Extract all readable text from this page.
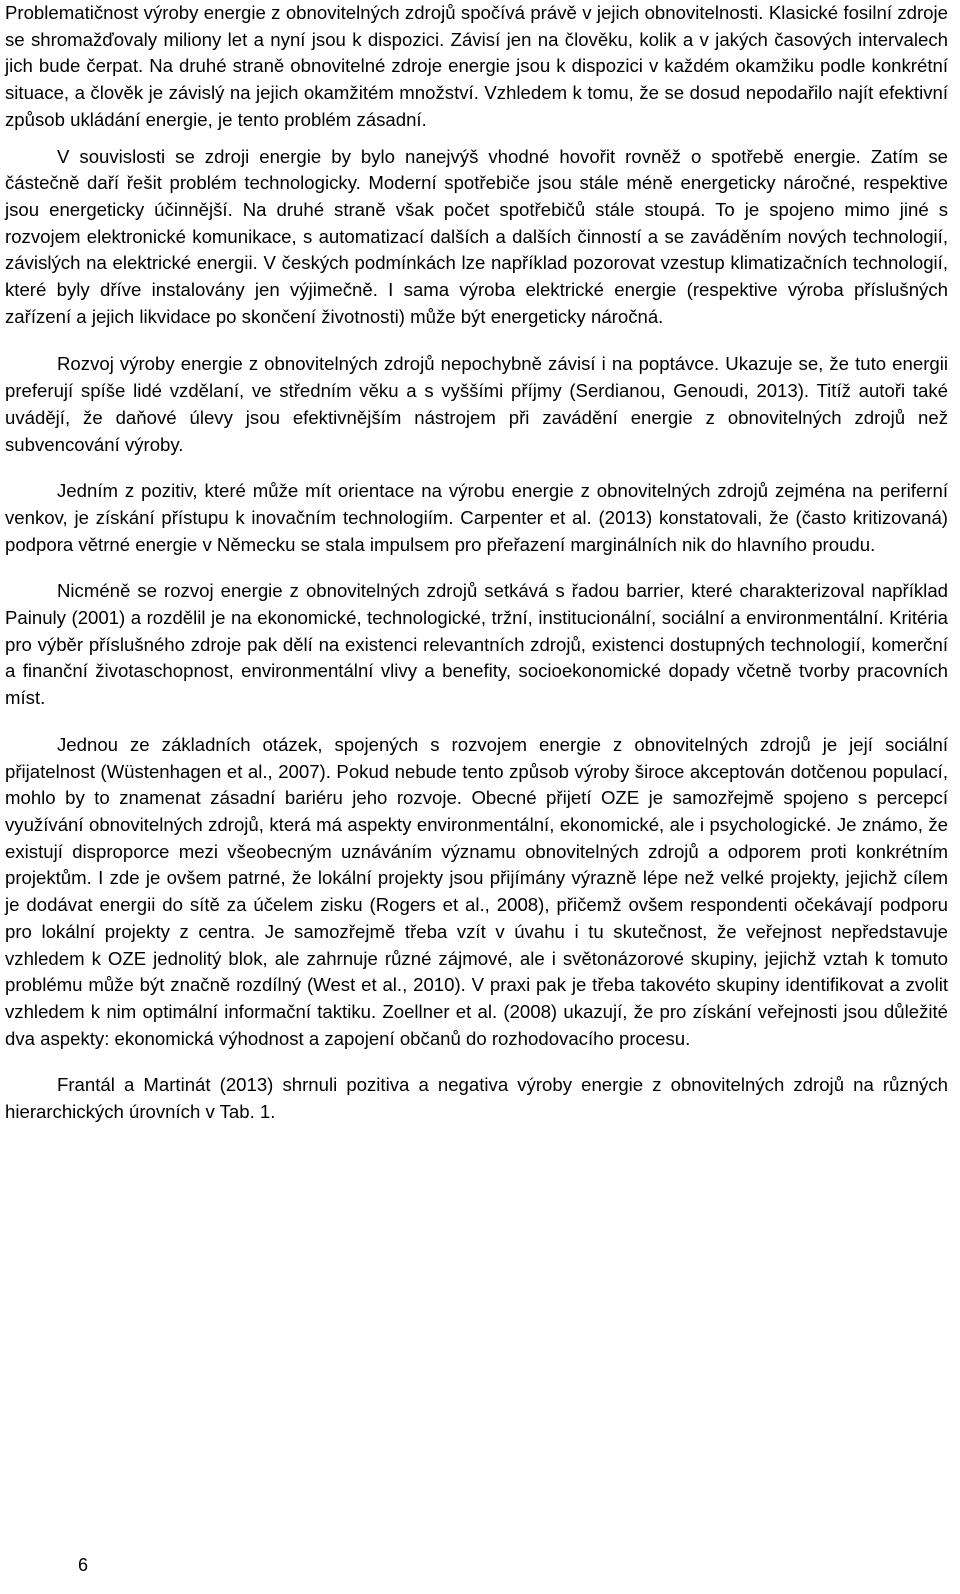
Problematičnost výroby energie z obnovitelných zdrojů spočívá právě v jejich obnovitelnosti. Klasické fosilní zdroje se shromažďovaly miliony let a nyní jsou k dispozici. Závisí jen na člověku, kolik a v jakých časových intervalech jich bude čerpat. Na druhé straně obnovitelné zdroje energie jsou k dispozici v každém okamžiku podle konkrétní situace, a člověk je závislý na jejich okamžitém množství. Vzhledem k tomu, že se dosud nepodařilo najít efektivní způsob ukládání energie, je tento problém zásadní.

V souvislosti se zdroji energie by bylo nanejvýš vhodné hovořit rovněž o spotřebě energie. Zatím se částečně daří řešit problém technologicky. Moderní spotřebiče jsou stále méně energeticky náročné, respektive jsou energeticky účinnější. Na druhé straně však počet spotřebičů stále stoupá. To je spojeno mimo jiné s rozvojem elektronické komunikace, s automatizací dalších a dalších činností a se zaváděním nových technologií, závislých na elektrické energii. V českých podmínkách lze například pozorovat vzestup klimatizačních technologií, které byly dříve instalovány jen výjimečně. I sama výroba elektrické energie (respektive výroba příslušných zařízení a jejich likvidace po skončení životnosti) může být energeticky náročná.

Rozvoj výroby energie z obnovitelných zdrojů nepochybně závisí i na poptávce. Ukazuje se, že tuto energii preferují spíše lidé vzdělaní, ve středním věku a s vyššími příjmy (Serdianou, Genoudi, 2013). Titíž autoři také uvádějí, že daňové úlevy jsou efektivnějším nástrojem při zavádění energie z obnovitelných zdrojů než subvencování výroby.

Jedním z pozitiv, které může mít orientace na výrobu energie z obnovitelných zdrojů zejména na periferní venkov, je získání přístupu k inovačním technologiím. Carpenter et al. (2013) konstatovali, že (často kritizovaná) podpora větrné energie v Německu se stala impulsem pro přeřazení marginálních nik do hlavního proudu.

Nicméně se rozvoj energie z obnovitelných zdrojů setkává s řadou barrier, které charakterizoval například Painuly (2001) a rozdělil je na ekonomické, technologické, tržní, institucionální, sociální a environmentální. Kritéria pro výběr příslušného zdroje pak dělí na existenci relevantních zdrojů, existenci dostupných technologií, komerční a finanční životaschopnost, environmentální vlivy a benefity, socioekonomické dopady včetně tvorby pracovních míst.

Jednou ze základních otázek, spojených s rozvojem energie z obnovitelných zdrojů je její sociální přijatelnost (Wüstenhagen et al., 2007). Pokud nebude tento způsob výroby široce akceptován dotčenou populací, mohlo by to znamenat zásadní bariéru jeho rozvoje. Obecné přijetí OZE je samozřejmě spojeno s percepcí využívání obnovitelných zdrojů, která má aspekty environmentální, ekonomické, ale i psychologické. Je známo, že existují disproporce mezi všeobecným uznáváním významu obnovitelných zdrojů a odporem proti konkrétním projektům. I zde je ovšem patrné, že lokální projekty jsou přijímány výrazně lépe než velké projekty, jejichž cílem je dodávat energii do sítě za účelem zisku (Rogers et al., 2008), přičemž ovšem respondenti očekávají podporu pro lokální projekty z centra. Je samozřejmě třeba vzít v úvahu i tu skutečnost, že veřejnost nepředstavuje vzhledem k OZE jednolitý blok, ale zahrnuje různé zájmové, ale i světonázorové skupiny, jejichž vztah k tomuto problému může být značně rozdílný (West et al., 2010). V praxi pak je třeba takovéto skupiny identifikovat a zvolit vzhledem k nim optimální informační taktiku. Zoellner et al. (2008) ukazují, že pro získání veřejnosti jsou důležité dva aspekty: ekonomická výhodnost a zapojení občanů do rozhodovacího procesu.

Frantál a Martinát (2013) shrnuli pozitiva a negativa výroby energie z obnovitelných zdrojů na různých hierarchických úrovních v Tab. 1.

6
